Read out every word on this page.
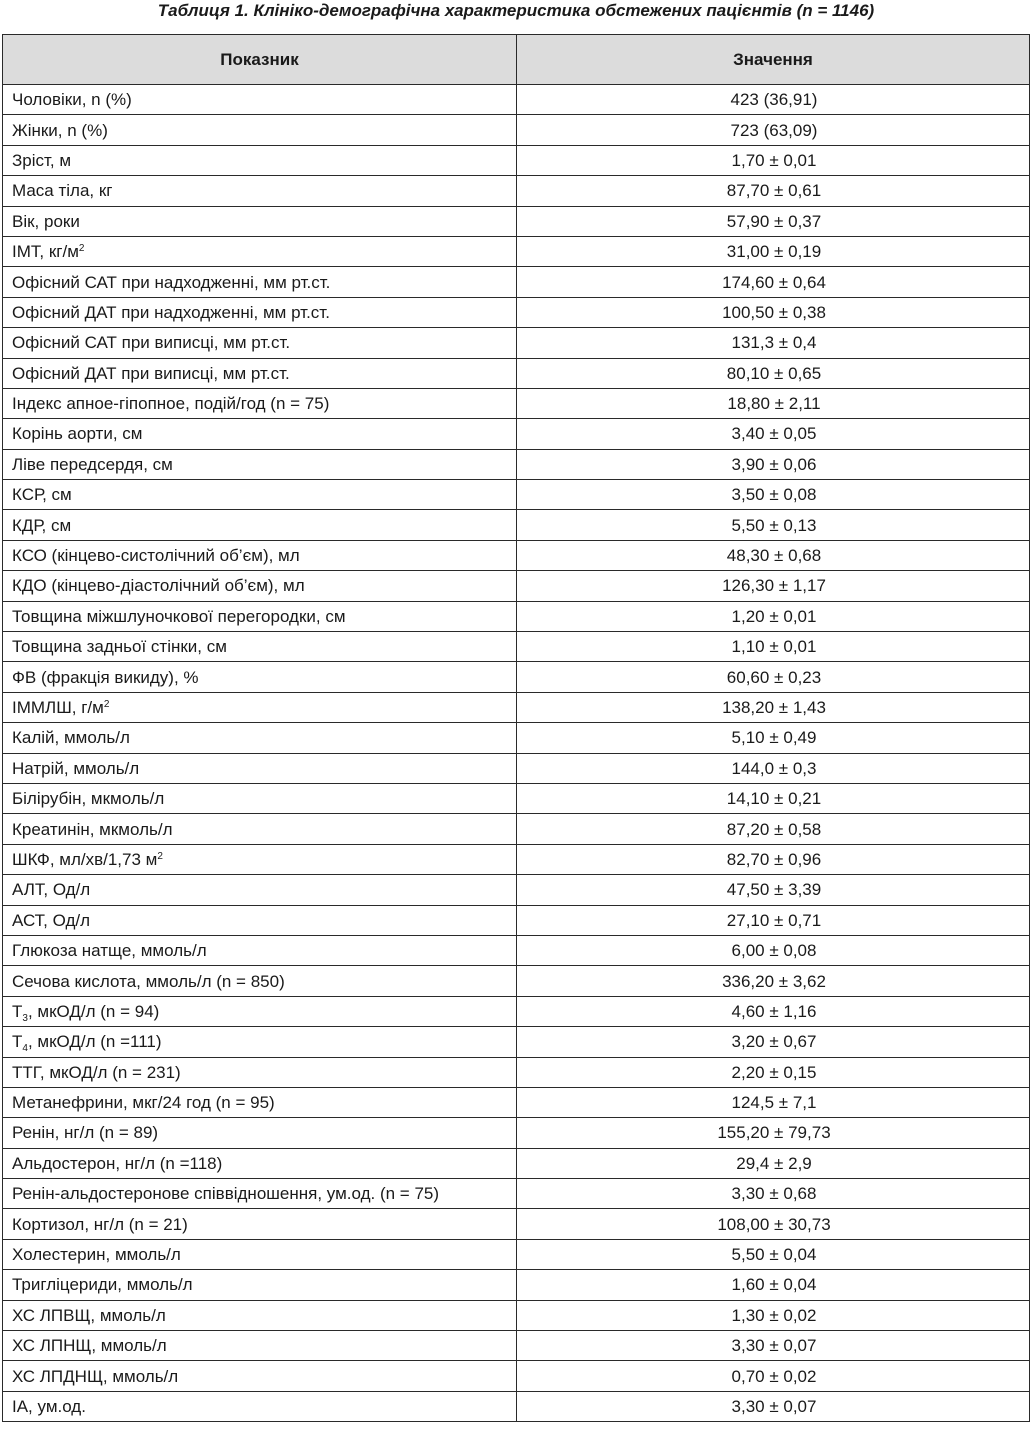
Таблиця 1. Клініко-демографічна характеристика обстежених пацієнтів (n = 1146)
Показник	Значення
Чоловіки, n (%)	423 (36,91)
Жінки, n (%)	723 (63,09)
Зріст, м	1,70 ± 0,01
Маса тіла, кг	87,70 ± 0,61
Вік, роки	57,90 ± 0,37
ІМТ, $кг/м^2$	31,00 ± 0,19
Офісний САТ при надходженні, мм рт.ст.	174,60 ± 0,64
Офісний ДАТ при надходженні, мм рт.ст.	100,50 ± 0,38
Офісний САТ при виписці, мм рт.ст.	131,3 ± 0,4
Офісний ДАТ при виписці, мм рт.ст.	80,10 ± 0,65
Індекс апное-гіпопное, подій/год (n = 75)	18,80 ± 2,11
Корінь аорти, см	3,40 ± 0,05
Ліве передсердя, см	3,90 ± 0,06
КСР, см	3,50 ± 0,08
КДР, см	5,50 ± 0,13
КСО (кінцево-систолічний об’єм), мл	48,30 ± 0,68
КДО (кінцево-діастолічний об’єм), мл	126,30 ± 1,17
Товщина міжшлуночкової перегородки, см	1,20 ± 0,01
Товщина задньої стінки, см	1,10 ± 0,01
ФВ (фракція викиду), %	60,60 ± 0,23
ІММЛШ, $г/м^2$	138,20 ± 1,43
Калій, ммоль/л	5,10 ± 0,49
Натрій, ммоль/л	144,0 ± 0,3
Білірубін, мкмоль/л	14,10 ± 0,21
Креатинін, мкмоль/л	87,20 ± 0,58
ШКФ, мл/хв/1,73 $м^2$	82,70 ± 0,96
АЛТ, Од/л	47,50 ± 3,39
АСТ, Од/л	27,10 ± 0,71
Глюкоза натще, ммоль/л	6,00 ± 0,08
Сечова кислота, ммоль/л (n = 850)	336,20 ± 3,62
$Т_3$, мкОД/л (n = 94)	4,60 ± 1,16
$Т_4$, мкОД/л (n =111)	3,20 ± 0,67
ТТГ, мкОД/л (n = 231)	2,20 ± 0,15
Метанефрини, мкг/24 год (n = 95)	124,5 ± 7,1
Ренін, нг/л (n = 89)	155,20 ± 79,73
Альдостерон, нг/л (n =118)	29,4 ± 2,9
Ренін-альдостеронове співвідношення, ум.од. (n = 75)	3,30 ± 0,68
Кортизол, нг/л (n = 21)	108,00 ± 30,73
Холестерин, ммоль/л	5,50 ± 0,04
Тригліцериди, ммоль/л	1,60 ± 0,04
ХС ЛПВЩ, ммоль/л	1,30 ± 0,02
ХС ЛПНЩ, ммоль/л	3,30 ± 0,07
ХС ЛПДНЩ, ммоль/л	0,70 ± 0,02
ІА, ум.од.	3,30 ± 0,07
